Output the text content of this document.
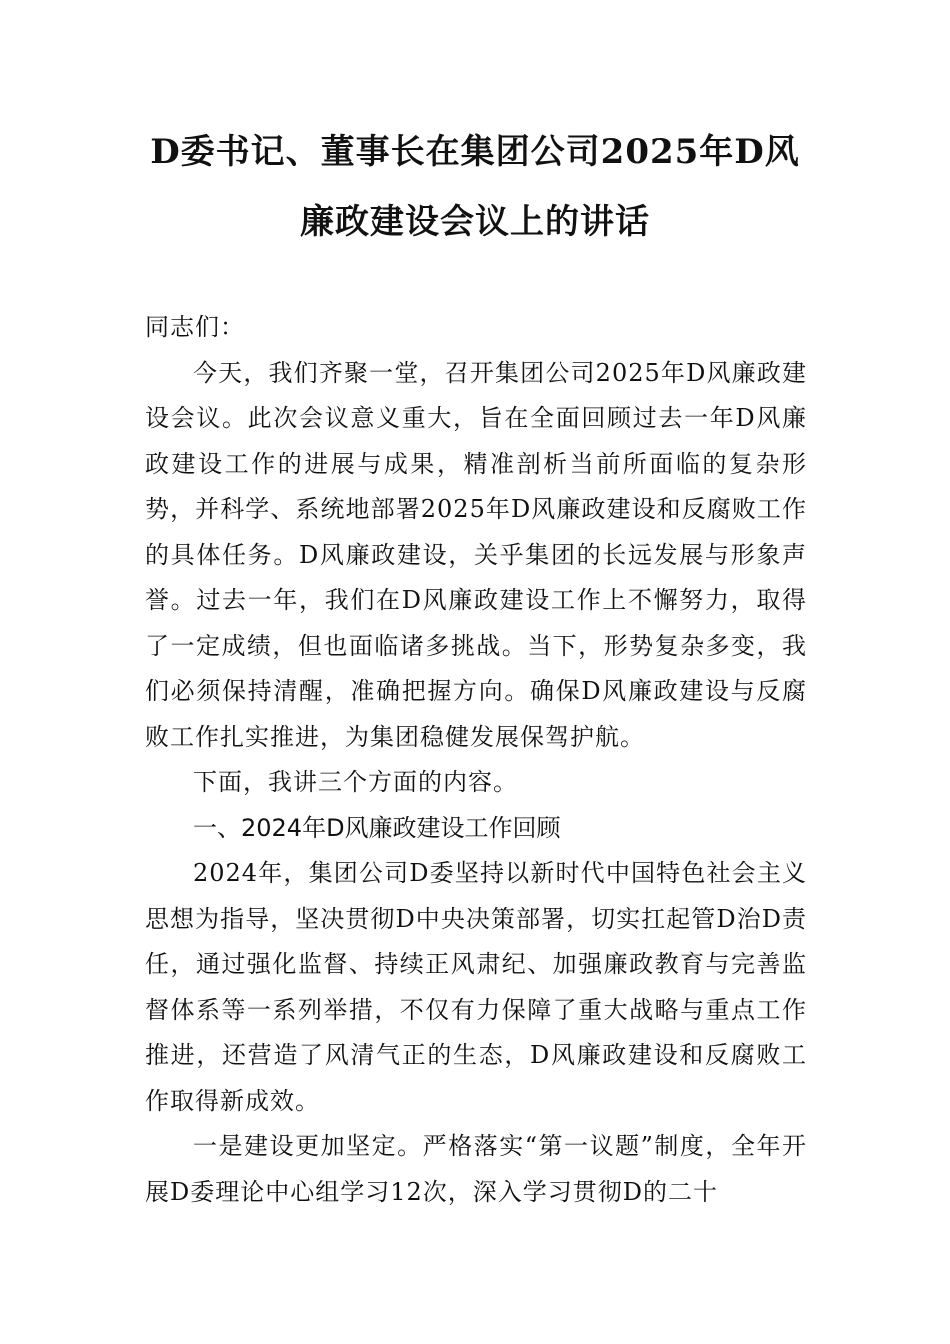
D委书记、董事长在集团公司2025年D风
廉政建设会议上的讲话

同志们：

今天，我们齐聚一堂，召开集团公司2025年D风廉政建设会议。此次会议意义重大，旨在全面回顾过去一年D风廉政建设工作的进展与成果，精准剖析当前所面临的复杂形势，并科学、系统地部署2025年D风廉政建设和反腐败工作的具体任务。D风廉政建设，关乎集团的长远发展与形象声誉。过去一年，我们在D风廉政建设工作上不懈努力，取得了一定成绩，但也面临诸多挑战。当下，形势复杂多变，我们必须保持清醒，准确把握方向。确保D风廉政建设与反腐败工作扎实推进，为集团稳健发展保驾护航。

下面，我讲三个方面的内容。

一、2024年D风廉政建设工作回顾

2024年，集团公司D委坚持以新时代中国特色社会主义思想为指导，坚决贯彻D中央决策部署，切实扛起管D治D责任，通过强化监督、持续正风肃纪、加强廉政教育与完善监督体系等一系列举措，不仅有力保障了重大战略与重点工作推进，还营造了风清气正的生态，D风廉政建设和反腐败工作取得新成效。

一是建设更加坚定。严格落实“第一议题”制度，全年开展D委理论中心组学习12次，深入学习贯彻D的二十
